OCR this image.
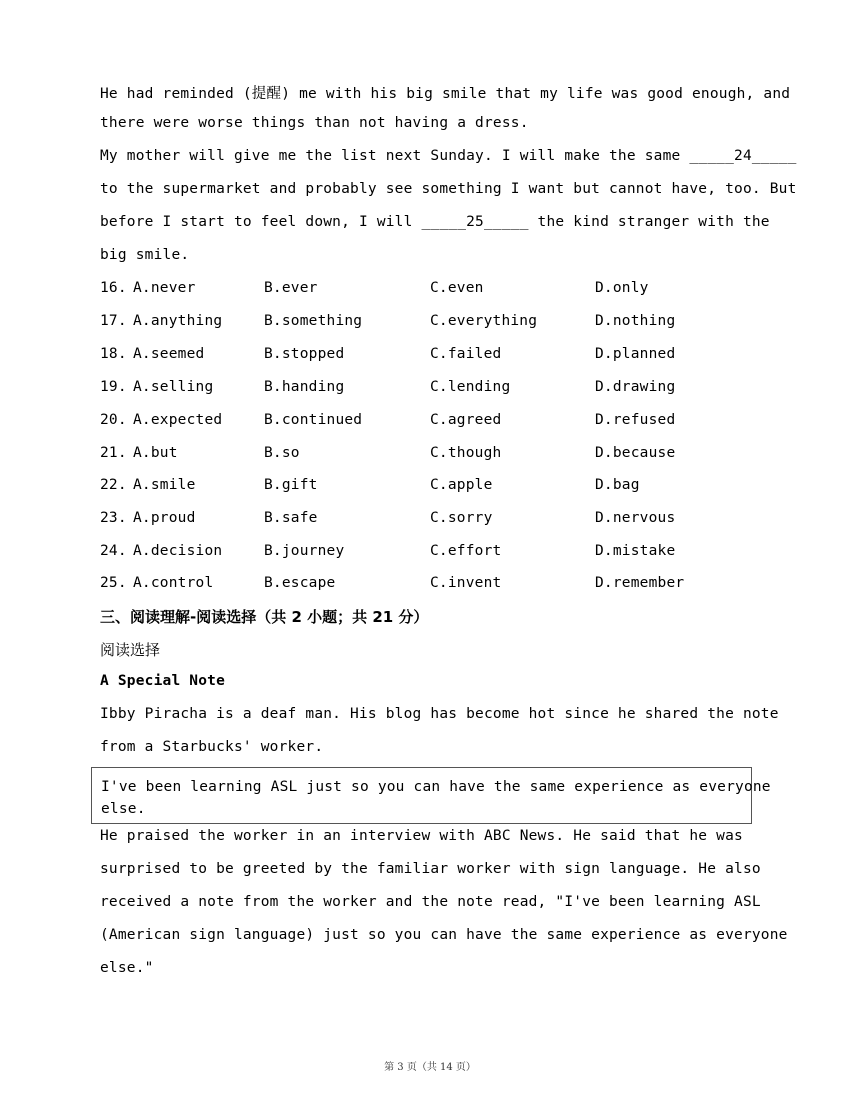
He had reminded (提醒) me with his big smile that my life was good enough, and
there were worse things than not having a dress.
My mother will give me the list next Sunday. I will make the same _____24_____
to the supermarket and probably see something I want but cannot have, too. But
before I start to feel down, I will _____25_____ the kind stranger with the
big smile.
16. A.never	B.ever	C.even	D.only
17. A.anything	B.something	C.everything	D.nothing
18. A.seemed	B.stopped	C.failed	D.planned
19. A.selling	B.handing	C.lending	D.drawing
20. A.expected	B.continued	C.agreed	D.refused
21. A.but	B.so	C.though	D.because
22. A.smile	B.gift	C.apple	D.bag
23. A.proud	B.safe	C.sorry	D.nervous
24. A.decision	B.journey	C.effort	D.mistake
25. A.control	B.escape	C.invent	D.remember
三、阅读理解-阅读选择（共 2 小题；共 21 分）
阅读选择
A Special Note
Ibby Piracha is a deaf man. His blog has become hot since he shared the note
from a Starbucks' worker.
I've been learning ASL just so you can have the same experience as everyone
else.
He praised the worker in an interview with ABC News. He said that he was
surprised to be greeted by the familiar worker with sign language. He also
received a note from the worker and the note read, "I've been learning ASL
(American sign language) just so you can have the same experience as everyone
else."
第 3 页（共 14 页）
